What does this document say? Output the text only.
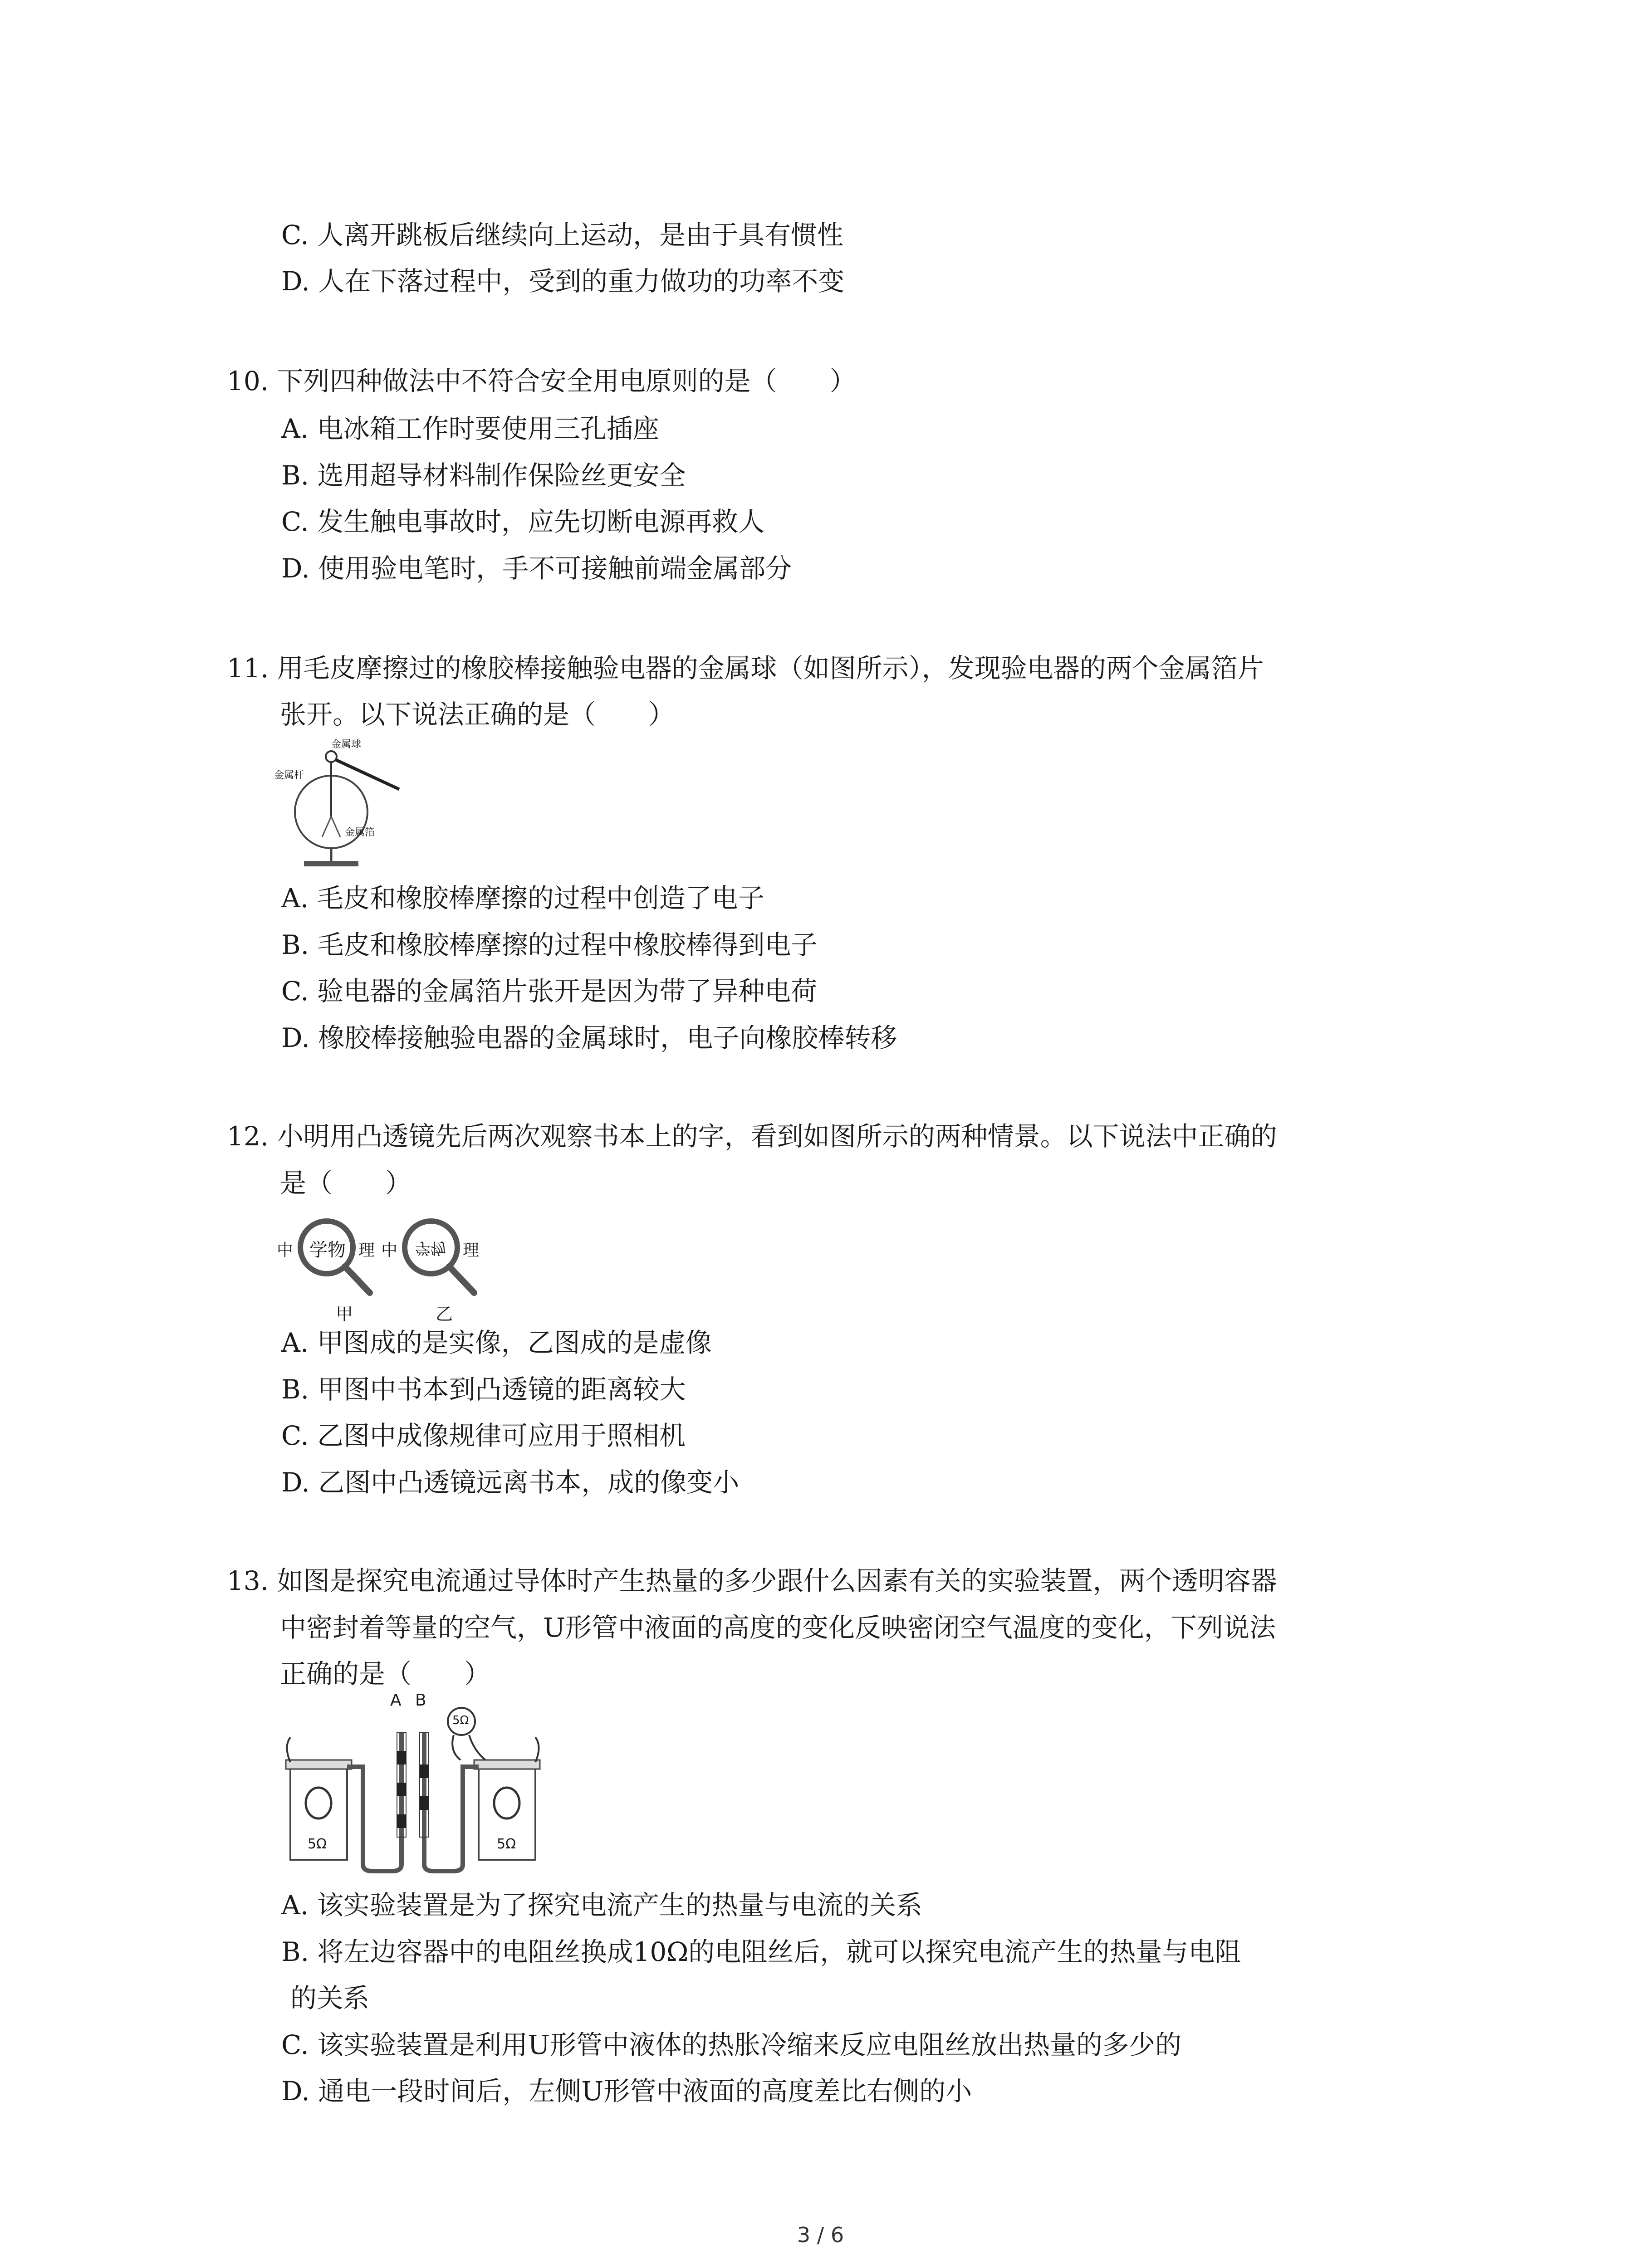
C. 人离开跳板后继续向上运动，是由于具有惯性
D. 人在下落过程中，受到的重力做功的功率不变
10. 下列四种做法中不符合安全用电原则的是（　　）
A. 电冰箱工作时要使用三孔插座
B. 选用超导材料制作保险丝更安全
C. 发生触电事故时，应先切断电源再救人
D. 使用验电笔时，手不可接触前端金属部分
11. 用毛皮摩擦过的橡胶棒接触验电器的金属球（如图所示），发现验电器的两个金属箔片
张开。以下说法正确的是（　　）
金属球
金属杆
金属箔
A. 毛皮和橡胶棒摩擦的过程中创造了电子
B. 毛皮和橡胶棒摩擦的过程中橡胶棒得到电子
C. 验电器的金属箔片张开是因为带了异种电荷
D. 橡胶棒接触验电器的金属球时，电子向橡胶棒转移
12. 小明用凸透镜先后两次观察书本上的字，看到如图所示的两种情景。以下说法中正确的
是（　　）
中 学物 理 中 学物 理
甲	乙
A. 甲图成的是实像，乙图成的是虚像
B. 甲图中书本到凸透镜的距离较大
C. 乙图中成像规律可应用于照相机
D. 乙图中凸透镜远离书本，成的像变小
13. 如图是探究电流通过导体时产生热量的多少跟什么因素有关的实验装置，两个透明容器
中密封着等量的空气，U形管中液面的高度的变化反映密闭空气温度的变化，下列说法
正确的是（　　）
A B
5Ω
5Ω	5Ω
A. 该实验装置是为了探究电流产生的热量与电流的关系
B. 将左边容器中的电阻丝换成10Ω的电阻丝后，就可以探究电流产生的热量与电阻
的关系
C. 该实验装置是利用U形管中液体的热胀冷缩来反应电阻丝放出热量的多少的
D. 通电一段时间后，左侧U形管中液面的高度差比右侧的小
3 / 6
